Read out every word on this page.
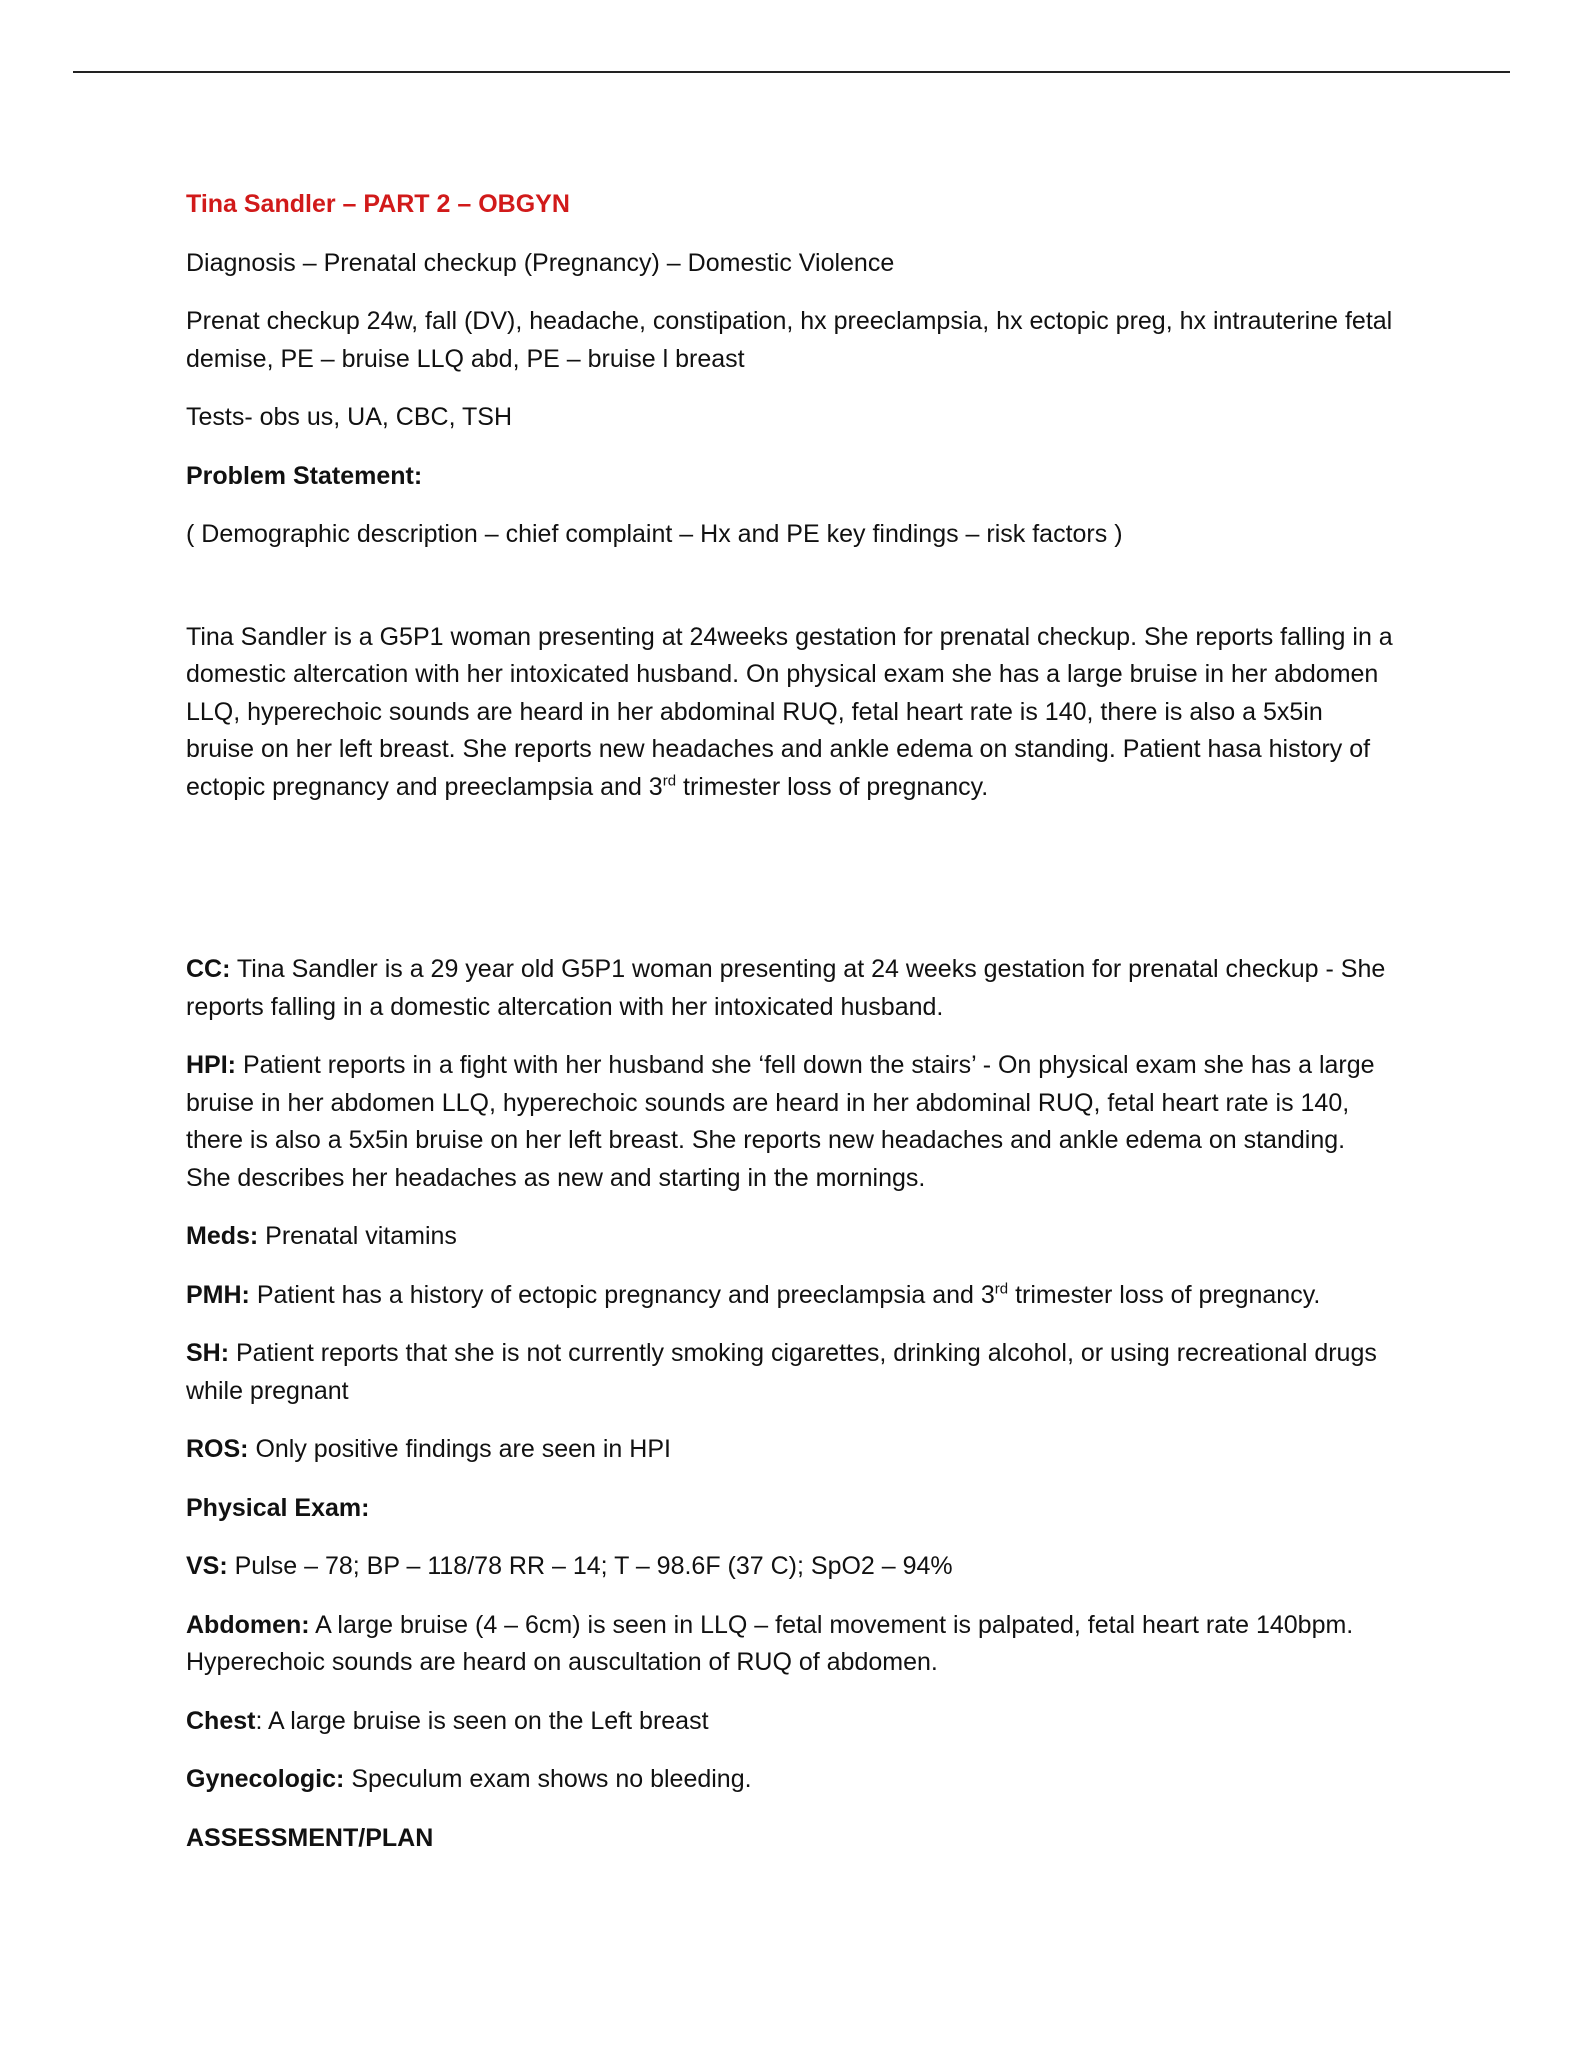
Tina Sandler – PART 2 – OBGYN

Diagnosis – Prenatal checkup (Pregnancy) – Domestic Violence

Prenat checkup 24w, fall (DV), headache, constipation, hx preeclampsia, hx ectopic preg, hx intrauterine fetal demise, PE – bruise LLQ abd, PE – bruise l breast

Tests- obs us, UA, CBC, TSH

Problem Statement:

( Demographic description – chief complaint – Hx and PE key findings – risk factors )

Tina Sandler is a G5P1 woman presenting at 24weeks gestation for prenatal checkup. She reports falling in a domestic altercation with her intoxicated husband. On physical exam she has a large bruise in her abdomen LLQ, hyperechoic sounds are heard in her abdominal RUQ, fetal heart rate is 140, there is also a 5x5in bruise on her left breast. She reports new headaches and ankle edema on standing. Patient hasa history of ectopic pregnancy and preeclampsia and 3rd trimester loss of pregnancy.

CC: Tina Sandler is a 29 year old G5P1 woman presenting at 24 weeks gestation for prenatal checkup - She reports falling in a domestic altercation with her intoxicated husband.

HPI: Patient reports in a fight with her husband she ‘fell down the stairs’ - On physical exam she has a large bruise in her abdomen LLQ, hyperechoic sounds are heard in her abdominal RUQ, fetal heart rate is 140, there is also a 5x5in bruise on her left breast. She reports new headaches and ankle edema on standing. She describes her headaches as new and starting in the mornings.

Meds: Prenatal vitamins

PMH: Patient has a history of ectopic pregnancy and preeclampsia and 3rd trimester loss of pregnancy.

SH: Patient reports that she is not currently smoking cigarettes, drinking alcohol, or using recreational drugs while pregnant

ROS: Only positive findings are seen in HPI

Physical Exam:

VS: Pulse – 78; BP – 118/78 RR – 14; T – 98.6F (37 C); SpO2 – 94%

Abdomen: A large bruise (4 – 6cm) is seen in LLQ – fetal movement is palpated, fetal heart rate 140bpm. Hyperechoic sounds are heard on auscultation of RUQ of abdomen.

Chest: A large bruise is seen on the Left breast

Gynecologic: Speculum exam shows no bleeding.

ASSESSMENT/PLAN
